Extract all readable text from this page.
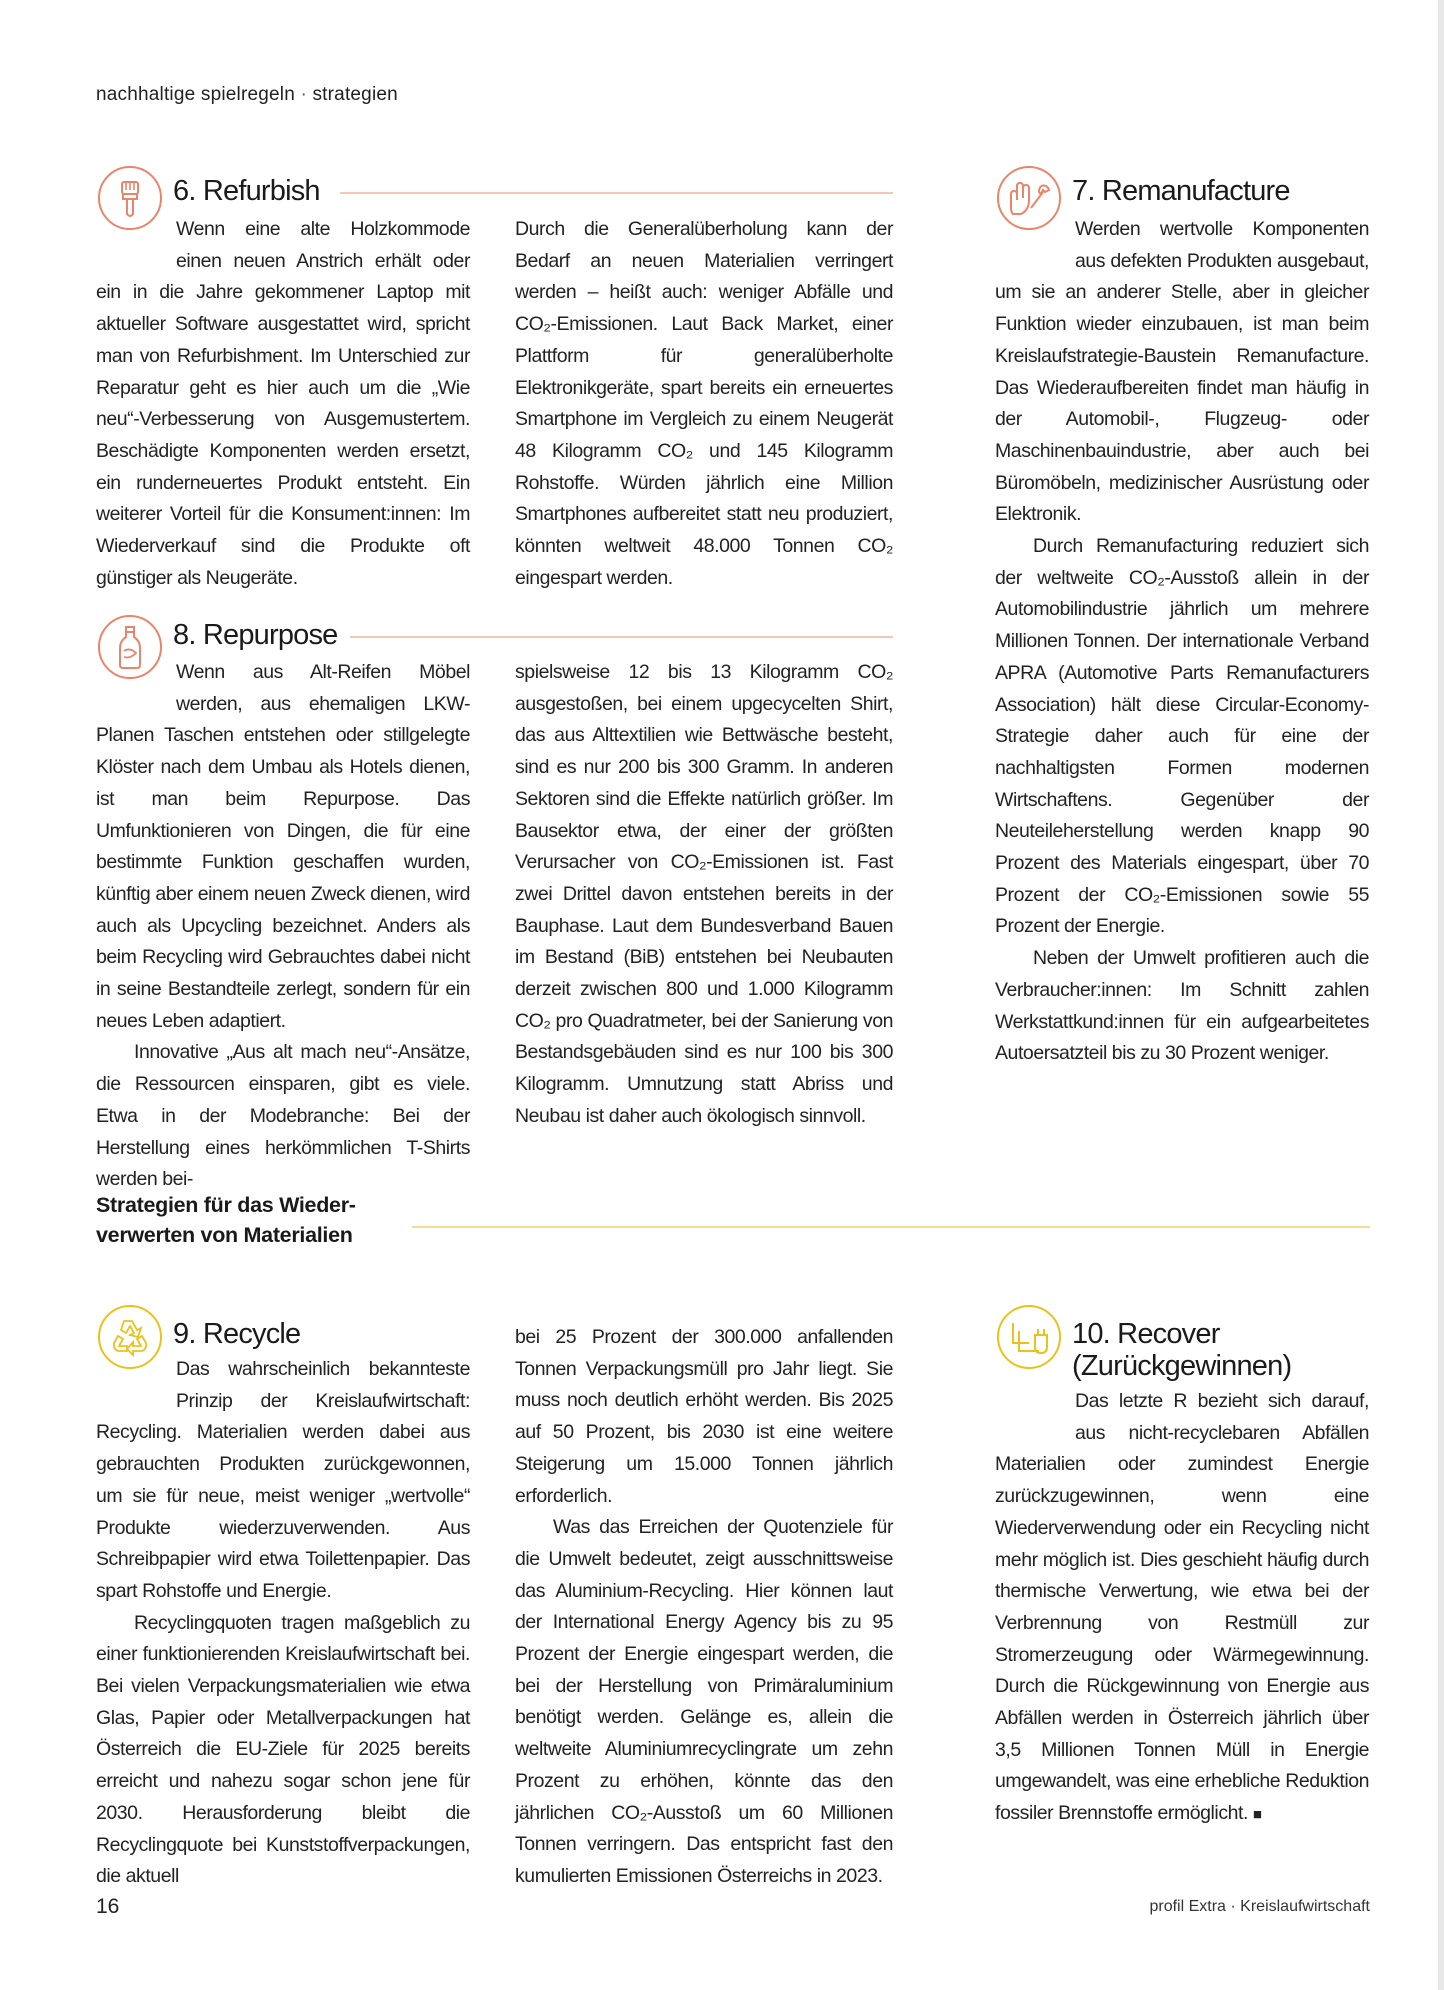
nachhaltige spielregeln · strategien
6. Refurbish

Wenn eine alte Holzkommode einen neuen Anstrich erhält oder ein in die Jahre gekommener Laptop mit aktueller Software ausgestattet wird, spricht man von Refurbishment. Im Unterschied zur Reparatur geht es hier auch um die „Wie neu“-Verbesserung von Ausgemustertem. Beschädigte Komponenten werden ersetzt, ein runderneuertes Produkt entsteht. Ein weiterer Vorteil für die Konsument:innen: Im Wiederverkauf sind die Produkte oft günstiger als Neugeräte.

Durch die Generalüberholung kann der Bedarf an neuen Materialien verringert werden – heißt auch: weniger Abfälle und CO₂-Emissionen. Laut Back Market, einer Plattform für generalüberholte Elektronikgeräte, spart bereits ein erneuertes Smartphone im Vergleich zu einem Neugerät 48 Kilogramm CO₂ und 145 Kilogramm Rohstoffe. Würden jährlich eine Million Smartphones aufbereitet statt neu produziert, könnten weltweit 48.000 Tonnen CO₂ eingespart werden.

8. Repurpose

Wenn aus Alt-Reifen Möbel werden, aus ehemaligen LKW-Planen Taschen entstehen oder stillgelegte Klöster nach dem Umbau als Hotels dienen, ist man beim Repurpose. Das Umfunktionieren von Dingen, die für eine bestimmte Funktion geschaffen wurden, künftig aber einem neuen Zweck dienen, wird auch als Upcycling bezeichnet. Anders als beim Recycling wird Gebrauchtes dabei nicht in seine Bestandteile zerlegt, sondern für ein neues Leben adaptiert.

Innovative „Aus alt mach neu“-Ansätze, die Ressourcen einsparen, gibt es viele. Etwa in der Modebranche: Bei der Herstellung eines herkömmlichen T-Shirts werden bei-

spielsweise 12 bis 13 Kilogramm CO₂ ausgestoßen, bei einem upgecycelten Shirt, das aus Alttextilien wie Bettwäsche besteht, sind es nur 200 bis 300 Gramm. In anderen Sektoren sind die Effekte natürlich größer. Im Bausektor etwa, der einer der größten Verursacher von CO₂-Emissionen ist. Fast zwei Drittel davon entstehen bereits in der Bauphase. Laut dem Bundesverband Bauen im Bestand (BiB) entstehen bei Neubauten derzeit zwischen 800 und 1.000 Kilogramm CO₂ pro Quadratmeter, bei der Sanierung von Bestandsgebäuden sind es nur 100 bis 300 Kilogramm. Umnutzung statt Abriss und Neubau ist daher auch ökologisch sinnvoll.

7. Remanufacture

Werden wertvolle Komponenten aus defekten Produkten ausgebaut, um sie an anderer Stelle, aber in gleicher Funktion wieder einzubauen, ist man beim Kreislaufstrategie-Baustein Remanufacture. Das Wiederaufbereiten findet man häufig in der Automobil-, Flugzeug- oder Maschinenbauindustrie, aber auch bei Büromöbeln, medizinischer Ausrüstung oder Elektronik.

Durch Remanufacturing reduziert sich der weltweite CO₂-Ausstoß allein in der Automobilindustrie jährlich um mehrere Millionen Tonnen. Der internationale Verband APRA (Automotive Parts Remanufacturers Association) hält diese Circular-Economy-Strategie daher auch für eine der nachhaltigsten Formen modernen Wirtschaftens. Gegenüber der Neuteileherstellung werden knapp 90 Prozent des Materials eingespart, über 70 Prozent der CO₂-Emissionen sowie 55 Prozent der Energie.

Neben der Umwelt profitieren auch die Verbraucher:innen: Im Schnitt zahlen Werkstattkund:innen für ein aufgearbeitetes Autoersatzteil bis zu 30 Prozent weniger.

Strategien für das Wieder-
verwerten von Materialien
9. Recycle

Das wahrscheinlich bekannteste Prinzip der Kreislaufwirtschaft: Recycling. Materialien werden dabei aus gebrauchten Produkten zurückgewonnen, um sie für neue, meist weniger „wertvolle“ Produkte wiederzuverwenden. Aus Schreibpapier wird etwa Toilettenpapier. Das spart Rohstoffe und Energie.

Recyclingquoten tragen maßgeblich zu einer funktionierenden Kreislaufwirtschaft bei. Bei vielen Verpackungsmaterialien wie etwa Glas, Papier oder Metallverpackungen hat Österreich die EU-Ziele für 2025 bereits erreicht und nahezu sogar schon jene für 2030. Herausforderung bleibt die Recyclingquote bei Kunststoffverpackungen, die aktuell

bei 25 Prozent der 300.000 anfallenden Tonnen Verpackungsmüll pro Jahr liegt. Sie muss noch deutlich erhöht werden. Bis 2025 auf 50 Prozent, bis 2030 ist eine weitere Steigerung um 15.000 Tonnen jährlich erforderlich.

Was das Erreichen der Quotenziele für die Umwelt bedeutet, zeigt ausschnittsweise das Aluminium-Recycling. Hier können laut der International Energy Agency bis zu 95 Prozent der Energie eingespart werden, die bei der Herstellung von Primäraluminium benötigt werden. Gelänge es, allein die weltweite Aluminiumrecyclingrate um zehn Prozent zu erhöhen, könnte das den jährlichen CO₂-Ausstoß um 60 Millionen Tonnen verringern. Das entspricht fast den kumulierten Emissionen Österreichs in 2023.

10. Recover
(Zurückgewinnen)

Das letzte R bezieht sich darauf, aus nicht-recyclebaren Abfällen Materialien oder zumindest Energie zurückzugewinnen, wenn eine Wiederverwendung oder ein Recycling nicht mehr möglich ist. Dies geschieht häufig durch thermische Verwertung, wie etwa bei der Verbrennung von Restmüll zur Stromerzeugung oder Wärmegewinnung. Durch die Rückgewinnung von Energie aus Abfällen werden in Österreich jährlich über 3,5 Millionen Tonnen Müll in Energie umgewandelt, was eine erhebliche Reduktion fossiler Brennstoffe ermöglicht. ■

16	profil Extra · Kreislaufwirtschaft
